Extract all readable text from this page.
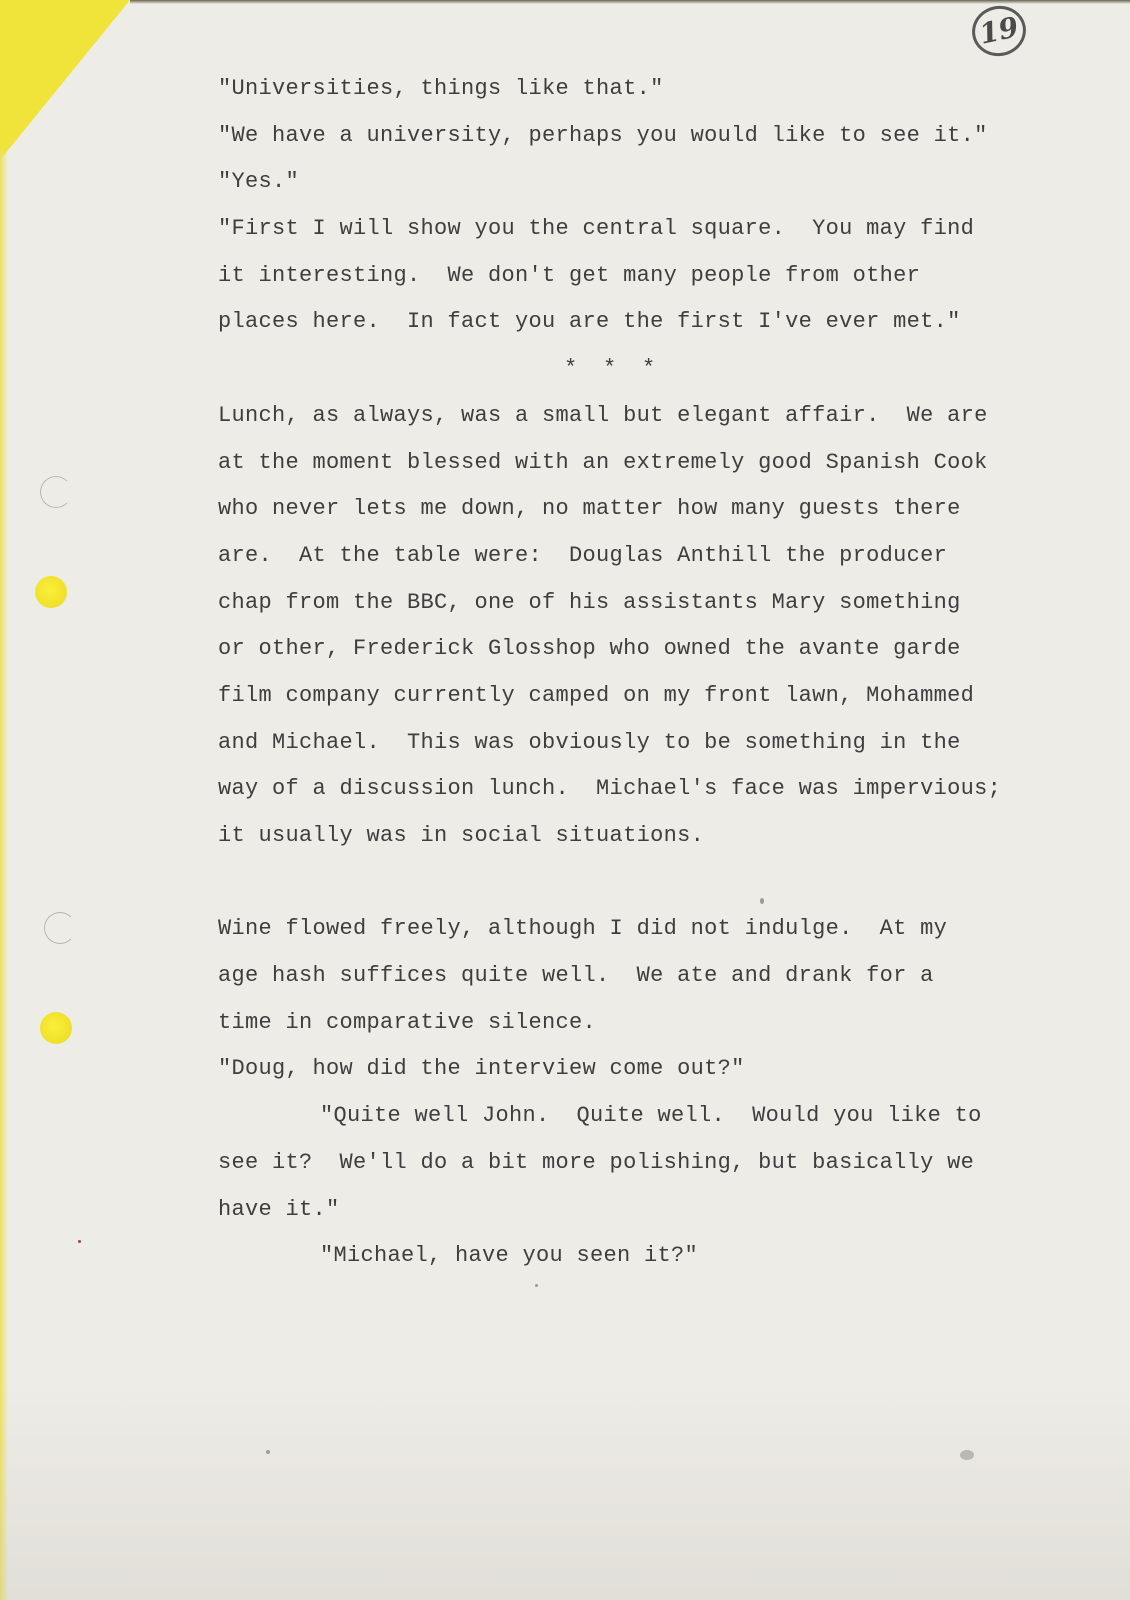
19
"Universities, things like that."
"We have a university, perhaps you would like to see it."
"Yes."
"First I will show you the central square.  You may find
it interesting.  We don't get many people from other
places here.  In fact you are the first I've ever met."
* * *
Lunch, as always, was a small but elegant affair.  We are
at the moment blessed with an extremely good Spanish Cook
who never lets me down, no matter how many guests there
are.  At the table were:  Douglas Anthill the producer
chap from the BBC, one of his assistants Mary something
or other, Frederick Glosshop who owned the avante garde
film company currently camped on my front lawn, Mohammed
and Michael.  This was obviously to be something in the
way of a discussion lunch.  Michael's face was impervious;
it usually was in social situations.
Wine flowed freely, although I did not indulge.  At my
age hash suffices quite well.  We ate and drank for a
time in comparative silence.
"Doug, how did the interview come out?"
"Quite well John.  Quite well.  Would you like to
see it?  We'll do a bit more polishing, but basically we
have it."
"Michael, have you seen it?"
